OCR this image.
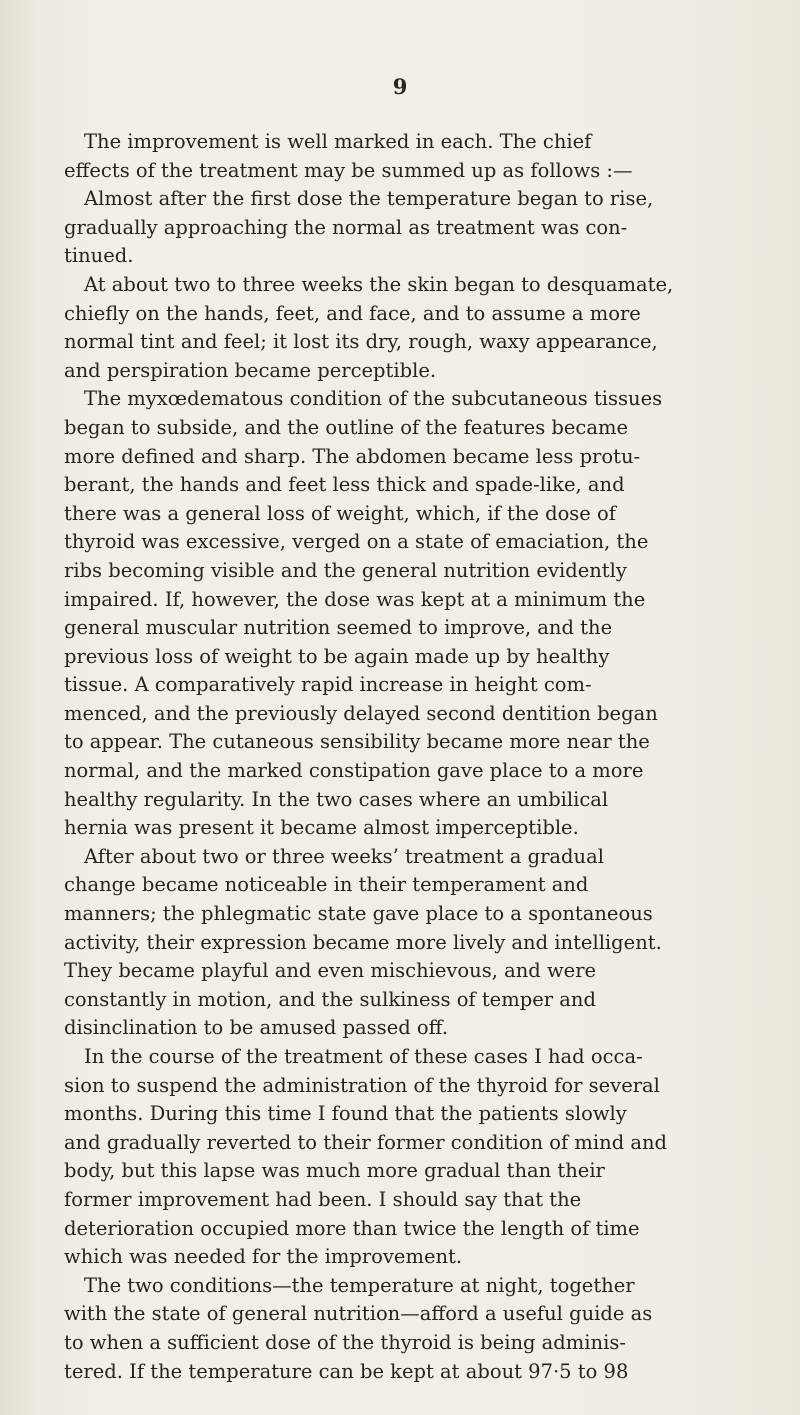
9
The improvement is well marked in each. The chief
effects of the treatment may be summed up as follows :—
Almost after the first dose the temperature began to rise,
gradually approaching the normal as treatment was con-
tinued.
At about two to three weeks the skin began to desquamate,
chiefly on the hands, feet, and face, and to assume a more
normal tint and feel; it lost its dry, rough, waxy appearance,
and perspiration became perceptible.
The myxœdematous condition of the subcutaneous tissues
began to subside, and the outline of the features became
more defined and sharp. The abdomen became less protu-
berant, the hands and feet less thick and spade-like, and
there was a general loss of weight, which, if the dose of
thyroid was excessive, verged on a state of emaciation, the
ribs becoming visible and the general nutrition evidently
impaired. If, however, the dose was kept at a minimum the
general muscular nutrition seemed to improve, and the
previous loss of weight to be again made up by healthy
tissue. A comparatively rapid increase in height com-
menced, and the previously delayed second dentition began
to appear. The cutaneous sensibility became more near the
normal, and the marked constipation gave place to a more
healthy regularity. In the two cases where an umbilical
hernia was present it became almost imperceptible.
After about two or three weeks’ treatment a gradual
change became noticeable in their temperament and
manners; the phlegmatic state gave place to a spontaneous
activity, their expression became more lively and intelligent.
They became playful and even mischievous, and were
constantly in motion, and the sulkiness of temper and
disinclination to be amused passed off.
In the course of the treatment of these cases I had occa-
sion to suspend the administration of the thyroid for several
months. During this time I found that the patients slowly
and gradually reverted to their former condition of mind and
body, but this lapse was much more gradual than their
former improvement had been. I should say that the
deterioration occupied more than twice the length of time
which was needed for the improvement.
The two conditions—the temperature at night, together
with the state of general nutrition—afford a useful guide as
to when a sufficient dose of the thyroid is being adminis-
tered. If the temperature can be kept at about 97·5 to 98
